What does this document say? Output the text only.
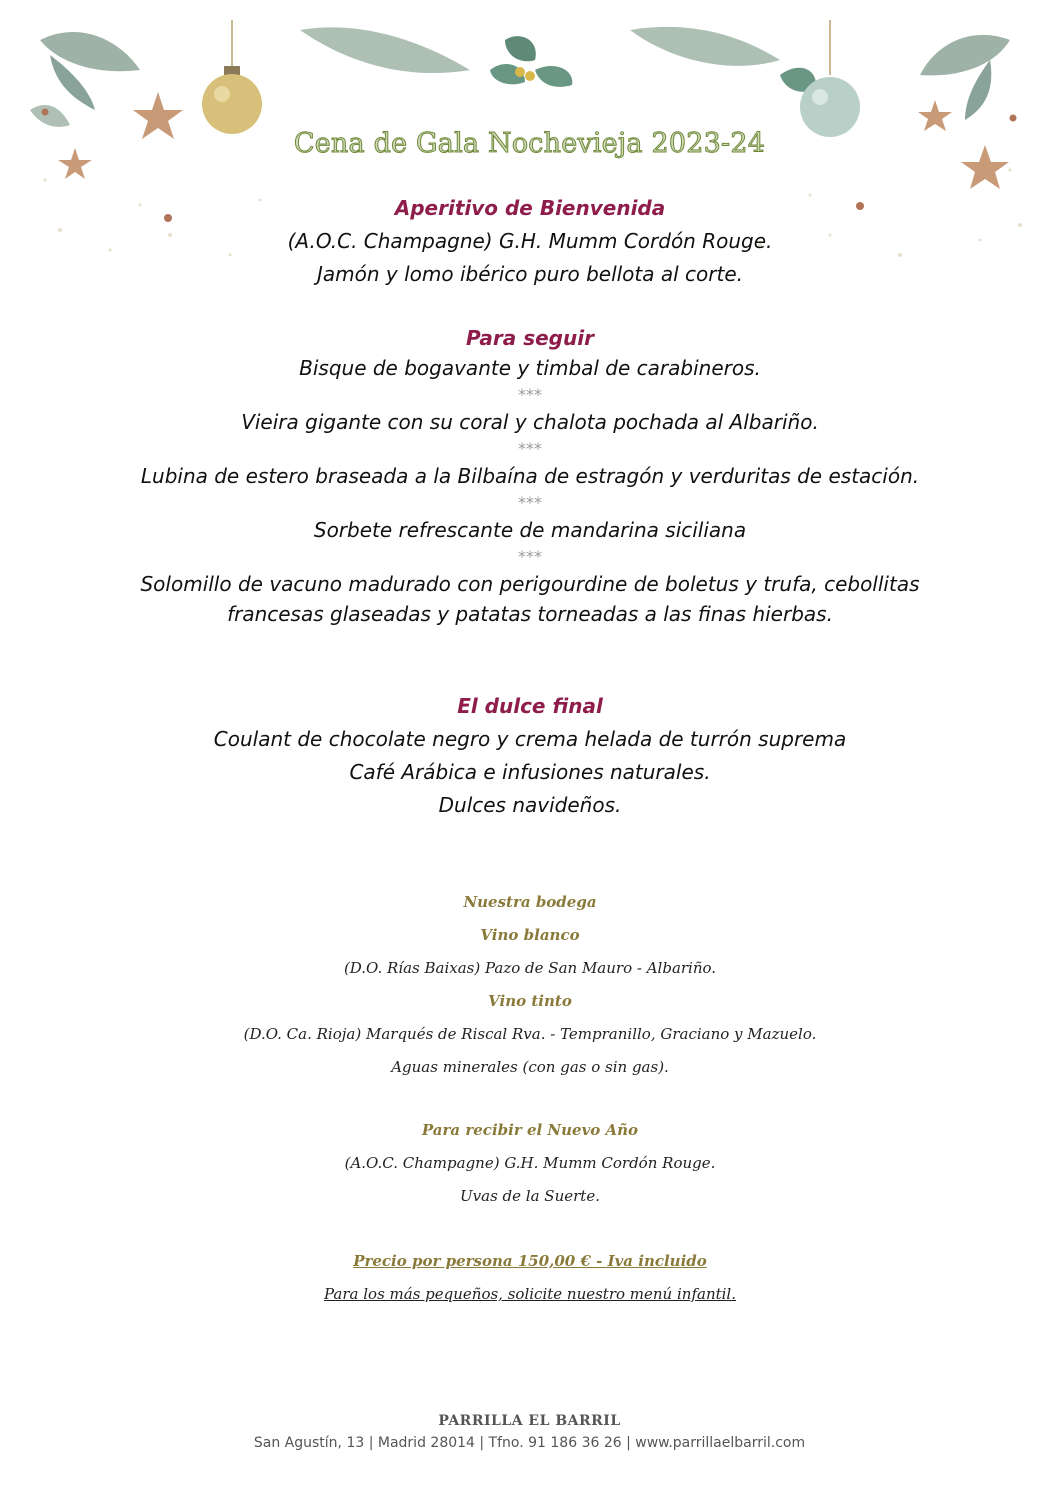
Cena de Gala Nochevieja 2023-24
Aperitivo de Bienvenida
(A.O.C. Champagne) G.H. Mumm Cordón Rouge.
Jamón y lomo ibérico puro bellota al corte.
Para seguir
Bisque de bogavante y timbal de carabineros.
***
Vieira gigante con su coral y chalota pochada al Albariño.
***
Lubina de estero braseada a la Bilbaína de estragón y verduritas de estación.
***
Sorbete refrescante de mandarina siciliana
***
Solomillo de vacuno madurado con perigourdine de boletus y trufa, cebollitas
francesas glaseadas y patatas torneadas a las finas hierbas.
El dulce final
Coulant de chocolate negro y crema helada de turrón suprema
Café Arábica e infusiones naturales.
Dulces navideños.
Nuestra bodega
Vino blanco
(D.O. Rías Baixas) Pazo de San Mauro - Albariño.
Vino tinto
(D.O. Ca. Rioja) Marqués de Riscal Rva. - Tempranillo, Graciano y Mazuelo.
Aguas minerales (con gas o sin gas).
Para recibir el Nuevo Año
(A.O.C. Champagne) G.H. Mumm Cordón Rouge.
Uvas de la Suerte.
Precio por persona 150,00 € - Iva incluido
Para los más pequeños, solicite nuestro menú infantil.
PARRILLA EL BARRIL
San Agustín, 13 | Madrid 28014 | Tfno. 91 186 36 26 | www.parrillaelbarril.com
